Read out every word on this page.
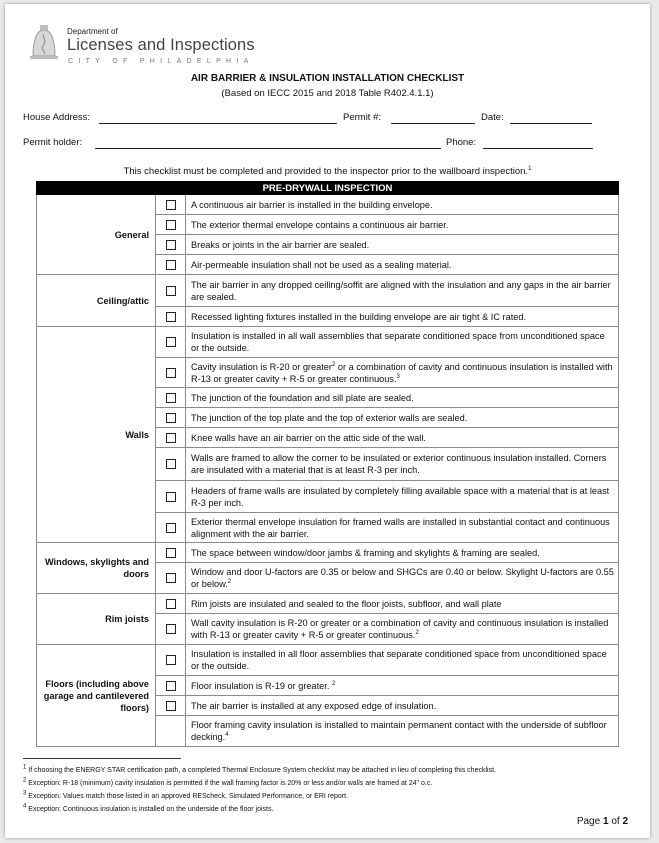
Department of
Licenses and Inspections
CITY OF PHILADELPHIA
AIR BARRIER & INSULATION INSTALLATION CHECKLIST
(Based on IECC 2015 and 2018 Table R402.4.1.1)
House Address:	Permit #:	Date:
Permit holder:	Phone:
This checklist must be completed and provided to the inspector prior to the wallboard inspection.$^1$
PRE-DRYWALL INSPECTION		
General		A continuous air barrier is installed in the building envelope.
		The exterior thermal envelope contains a continuous air barrier.
		Breaks or joints in the air barrier are sealed.
		Air-permeable insulation shall not be used as a sealing material.
Ceiling/attic		The air barrier in any dropped ceiling/soffit are aligned with the insulation and any gaps in the air barrier are sealed.
		Recessed lighting fixtures installed in the building envelope are air tight & IC rated.
Walls		Insulation is installed in all wall assemblies that separate conditioned space from unconditioned space or the outside.
		Cavity insulation is R-20 or greater$^2$ or a combination of cavity and continuous insulation is installed with R-13 or greater cavity + R-5 or greater continuous.$^3$
		The junction of the foundation and sill plate are sealed.
		The junction of the top plate and the top of exterior walls are sealed.
		Knee walls have an air barrier on the attic side of the wall.
		Walls are framed to allow the corner to be insulated or exterior continuous insulation installed. Corners are insulated with a material that is at least R-3 per inch.
		Headers of frame walls are insulated by completely filling available space with a material that is at least R-3 per inch.
		Exterior thermal envelope insulation for framed walls are installed in substantial contact and continuous alignment with the air barrier.
Windows, skylights and doors		The space between window/door jambs & framing and skylights & framing are sealed.
		Window and door U-factors are 0.35 or below and SHGCs are 0.40 or below. Skylight U-factors are 0.55 or below.$^2$
Rim joists		Rim joists are insulated and sealed to the floor joists, subfloor, and wall plate
		Wall cavity insulation is R-20 or greater or a combination of cavity and continuous insulation is installed with R-13 or greater cavity + R-5 or greater continuous.$^2$
Floors (including above garage and cantilevered floors)		Insulation is installed in all floor assemblies that separate conditioned space from unconditioned space or the outside.
		Floor insulation is R-19 or greater. $^2$
		The air barrier is installed at any exposed edge of insulation.
		Floor framing cavity insulation is installed to maintain permanent contact with the underside of subfloor decking.$^4$
$^1$ If choosing the ENERGY STAR certification path, a completed Thermal Enclosure System checklist may be attached in lieu of completing this checklist.
$^2$ Exception: R-18 (minimum) cavity insulation is permitted if the wall framing factor is 20% or less and/or walls are framed at 24" o.c.
$^3$ Exception: Values match those listed in an approved REScheck, Simulated Performance, or ERI report.
$^4$ Exception: Continuous insulation is installed on the underside of the floor joists.
Page 1 of 2
